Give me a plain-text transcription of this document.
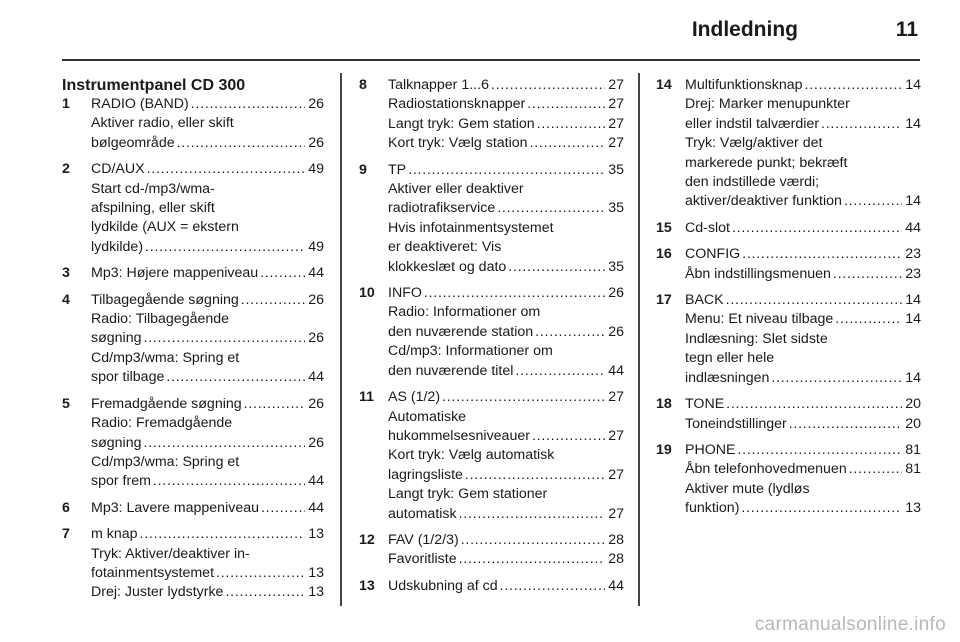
Indledning	11
Instrumentpanel CD 300
1	RADIO (BAND) . . .	26
Aktiver radio, eller skift
bølgeområde . . .	26
2	CD/AUX . . .	49
Start cd-/mp3/wma-
afspilning, eller skift
lydkilde (AUX = ekstern
lydkilde) . . .	49
3	Mp3: Højere mappeniveau . . .	44
4	Tilbagegående søgning . . .	26
Radio: Tilbagegående
søgning . . .	26
Cd/mp3/wma: Spring et
spor tilbage . . .	44
5	Fremadgående søgning . . .	26
Radio: Fremadgående
søgning . . .	26
Cd/mp3/wma: Spring et
spor frem . . .	44
6	Mp3: Lavere mappeniveau . . .	44
7	m knap . . .	13
Tryk: Aktiver/deaktiver in-
fotainmentsystemet . . .	13
Drej: Juster lydstyrke . . .	13
8	Talknapper 1...6 . . .	27
Radiostationsknapper . . .	27
Langt tryk: Gem station . . .	27
Kort tryk: Vælg station . . .	27
9	TP . . .	35
Aktiver eller deaktiver
radiotrafikservice . . .	35
Hvis infotainmentsystemet
er deaktiveret: Vis
klokkeslæt og dato . . .	35
10 INFO . . .	26
Radio: Informationer om
den nuværende station . . .	26
Cd/mp3: Informationer om
den nuværende titel . . .	44
11 AS (1/2) . . .	27
Automatiske
hukommelsesniveauer . . .	27
Kort tryk: Vælg automatisk
lagringsliste . . .	27
Langt tryk: Gem stationer
automatisk . . .	27
12 FAV (1/2/3) . . .	28
Favoritliste . . .	28
13 Udskubning af cd . . .	44
14 Multifunktionsknap . . .	14
Drej: Marker menupunkter
eller indstil talværdier . . .	14
Tryk: Vælg/aktiver det
markerede punkt; bekræft
den indstillede værdi;
aktiver/deaktiver funktion . . .	14
15 Cd-slot . . .	44
16 CONFIG . . .	23
Åbn indstillingsmenuen . . .	23
17 BACK . . .	14
Menu: Et niveau tilbage . . .	14
Indlæsning: Slet sidste
tegn eller hele
indlæsningen . . .	14
18 TONE . . .	20
Toneindstillinger . . .	20
19 PHONE . . .	81
Åbn telefonhovedmenuen . . .	81
Aktiver mute (lydløs
funktion) . . .	13
carmanualsonline.info
